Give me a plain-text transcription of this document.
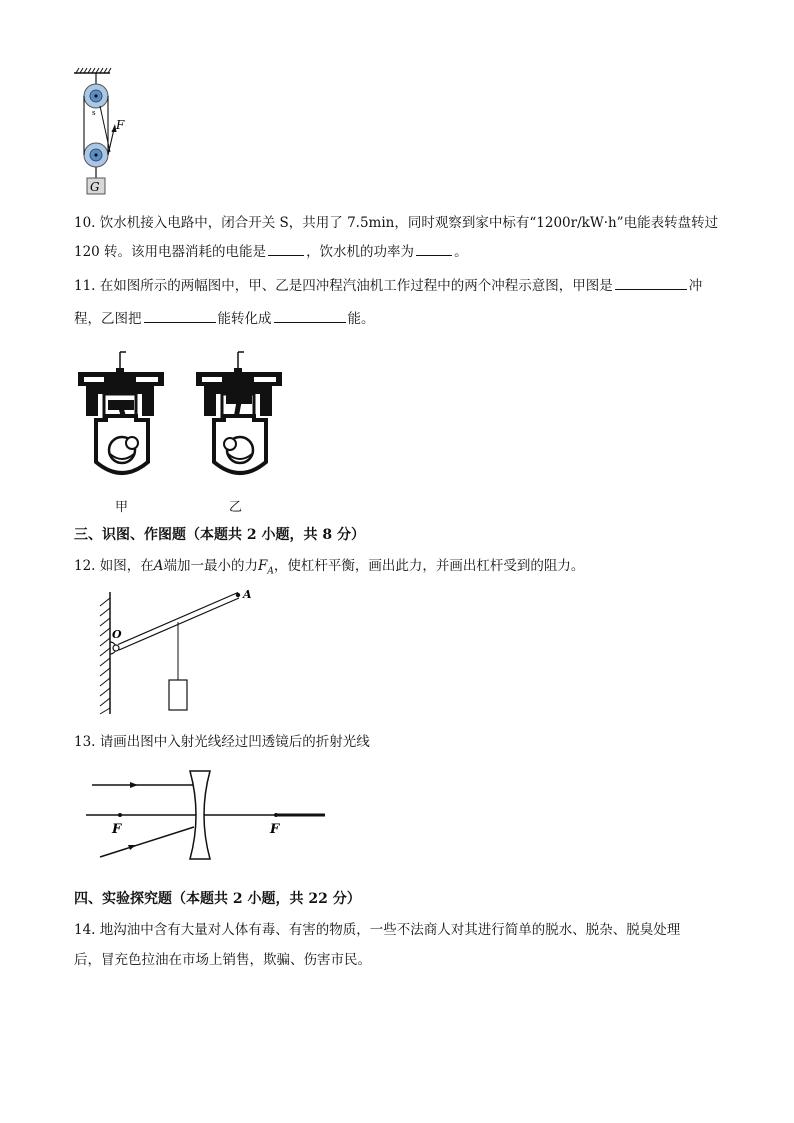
F
s
G
10. 饮水机接入电路中，闭合开关 S，共用了 7.5min，同时观察到家中标有“1200r/kW·h”电能表转盘转过
120 转。该用电器消耗的电能是	，饮水机的功率为	。
11. 在如图所示的两幅图中，甲、乙是四冲程汽油机工作过程中的两个冲程示意图，甲图是	冲
程，乙图把	能转化成	能。
甲	乙
三、识图、作图题（本题共 2 小题，共 8 分）
12. 如图，在A端加一最小的力$F_A$，使杠杆平衡，画出此力，并画出杠杆受到的阻力。
A
O
13. 请画出图中入射光线经过凹透镜后的折射光线
F	F
四、实验探究题（本题共 2 小题，共 22 分）
14. 地沟油中含有大量对人体有毒、有害的物质，一些不法商人对其进行简单的脱水、脱杂、脱臭处理
后，冒充色拉油在市场上销售，欺骗、伤害市民。
